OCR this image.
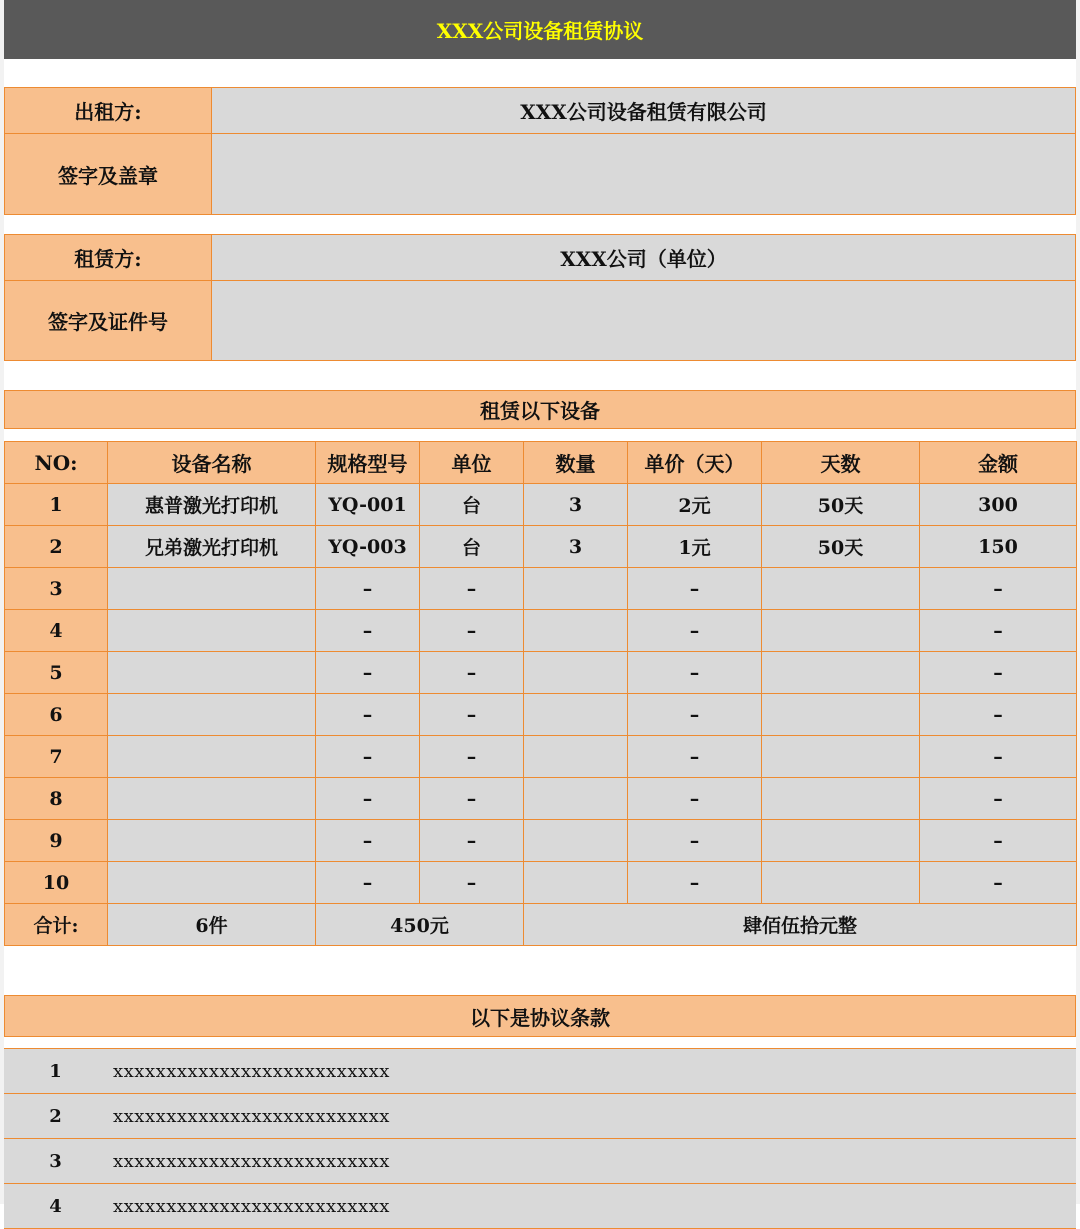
XXX公司设备租赁协议
出租方:	XXX公司设备租赁有限公司
签字及盖章
租赁方:	XXX公司（单位）
签字及证件号
租赁以下设备
NO:	设备名称	规格型号	单位	数量	单价（天）	天数	金额
1	惠普激光打印机	YQ-001	台	3	2元	50天	300
2	兄弟激光打印机	YQ-003	台	3	1元	50天	150
3		–	–		–		–
4		–	–		–		–
5		–	–		–		–
6		–	–		–		–
7		–	–		–		–
8		–	–		–		–
9		–	–		–		–
10		–	–		–		–
合计:	6件	450元		肆佰伍拾元整			
以下是协议条款
1	xxxxxxxxxxxxxxxxxxxxxxxxxx
2	xxxxxxxxxxxxxxxxxxxxxxxxxx
3	xxxxxxxxxxxxxxxxxxxxxxxxxx
4	xxxxxxxxxxxxxxxxxxxxxxxxxx
